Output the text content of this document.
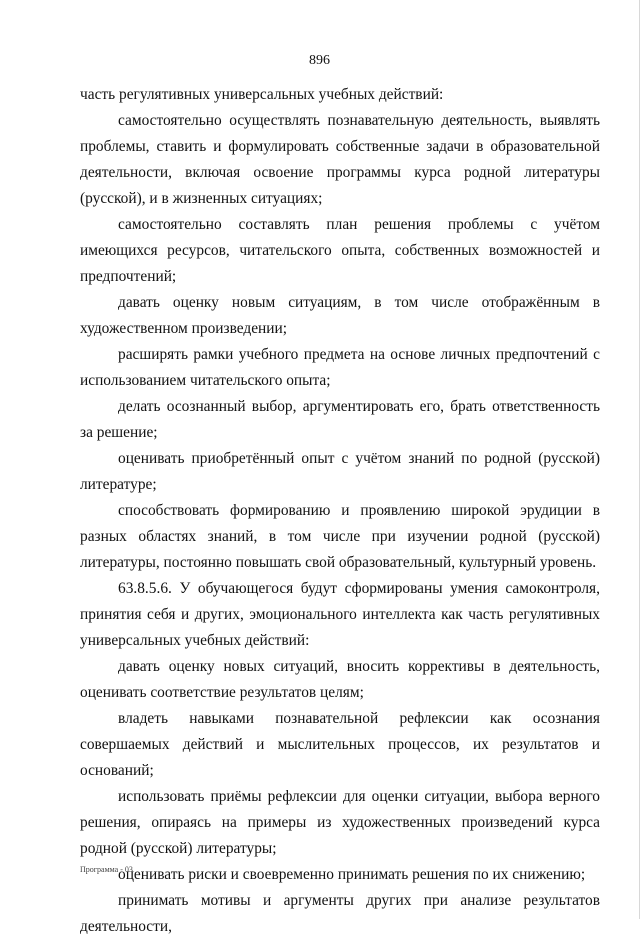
896

часть регулятивных универсальных учебных действий:

самостоятельно осуществлять познавательную деятельность, выявлять проблемы, ставить и формулировать собственные задачи в образовательной деятельности, включая освоение программы курса родной литературы (русской), и в жизненных ситуациях;

самостоятельно составлять план решения проблемы с учётом имеющихся ресурсов, читательского опыта, собственных возможностей и предпочтений;

давать оценку новым ситуациям, в том числе отображённым в художественном произведении;

расширять рамки учебного предмета на основе личных предпочтений с использованием читательского опыта;

делать осознанный выбор, аргументировать его, брать ответственность за решение;

оценивать приобретённый опыт с учётом знаний по родной (русской) литературе;

способствовать формированию и проявлению широкой эрудиции в разных областях знаний, в том числе при изучении родной (русской) литературы, постоянно повышать свой образовательный, культурный уровень.

63.8.5.6. У обучающегося будут сформированы умения самоконтроля, принятия себя и других, эмоционального интеллекта как часть регулятивных универсальных учебных действий:

давать оценку новых ситуаций, вносить коррективы в деятельность, оценивать соответствие результатов целям;

владеть навыками познавательной рефлексии как осознания совершаемых действий и мыслительных процессов, их результатов и оснований;

использовать приёмы рефлексии для оценки ситуации, выбора верного решения, опираясь на примеры из художественных произведений курса родной (русской) литературы;

оценивать риски и своевременно принимать решения по их снижению;

принимать мотивы и аргументы других при анализе результатов деятельности,

Программа - 03
